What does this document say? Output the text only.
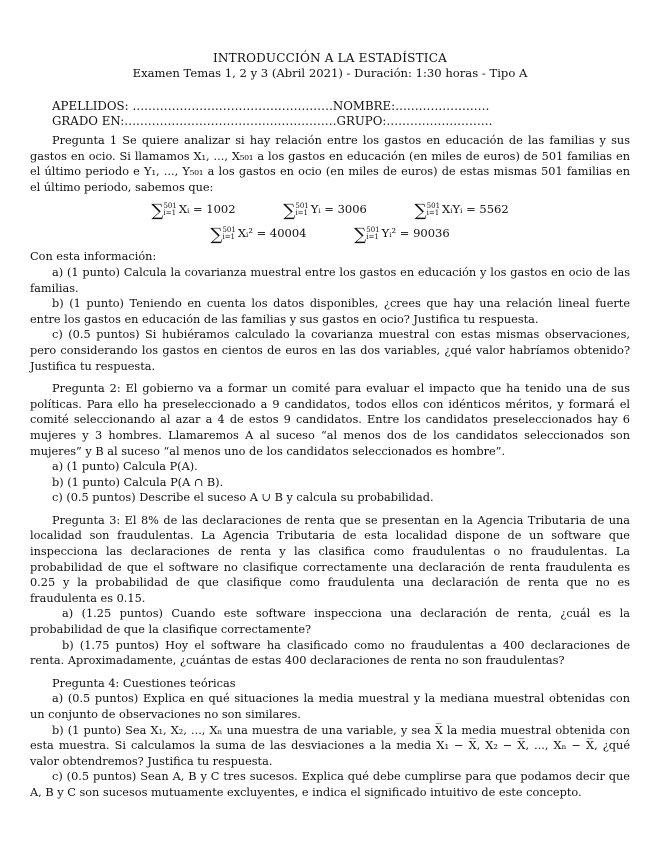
INTRODUCCIÓN A LA ESTADÍSTICA
Examen Temas 1, 2 y 3 (Abril 2021) - Duración: 1:30 horas - Tipo A
APELLIDOS: ……………………………………………NOMBRE:……………………
GRADO EN:………………………………………………GRUPO:………………………

Pregunta 1 Se quiere analizar si hay relación entre los gastos en educación de las familias y sus gastos en ocio. Si llamamos X₁, ..., X₅₀₁ a los gastos en educación (en miles de euros) de 501 familias en el último periodo e Y₁, ..., Y₅₀₁ a los gastos en ocio (en miles de euros) de estas mismas 501 familias en el último periodo, sabemos que:

∑501
i=1 Xᵢ = 1002	∑501
i=1 Yᵢ = 3006	∑501
i=1 XᵢYᵢ = 5562
∑501
i=1 Xᵢ² = 40004	∑501
i=1 Yᵢ² = 90036

Con esta información:

a) (1 punto) Calcula la covarianza muestral entre los gastos en educación y los gastos en ocio de las familias.

b) (1 punto) Teniendo en cuenta los datos disponibles, ¿crees que hay una relación lineal fuerte entre los gastos en educación de las familias y sus gastos en ocio? Justifica tu respuesta.

c) (0.5 puntos) Si hubiéramos calculado la covarianza muestral con estas mismas observaciones, pero considerando los gastos en cientos de euros en las dos variables, ¿qué valor habríamos obtenido? Justifica tu respuesta.

Pregunta 2: El gobierno va a formar un comité para evaluar el impacto que ha tenido una de sus políticas. Para ello ha preseleccionado a 9 candidatos, todos ellos con idénticos méritos, y formará el comité seleccionando al azar a 4 de estos 9 candidatos. Entre los candidatos preseleccionados hay 6 mujeres y 3 hombres. Llamaremos A al suceso “al menos dos de los candidatos seleccionados son mujeres” y B al suceso “al menos uno de los candidatos seleccionados es hombre”.

a) (1 punto) Calcula P(A).

b) (1 punto) Calcula P(A ∩ B).

c) (0.5 puntos) Describe el suceso A ∪ B y calcula su probabilidad.

Pregunta 3: El 8% de las declaraciones de renta que se presentan en la Agencia Tributaria de una localidad son fraudulentas. La Agencia Tributaria de esta localidad dispone de un software que inspecciona las declaraciones de renta y las clasifica como fraudulentas o no fraudulentas. La probabilidad de que el software no clasifique correctamente una declaración de renta fraudulenta es 0.25 y la probabilidad de que clasifique como fraudulenta una declaración de renta que no es fraudulenta es 0.15.

a) (1.25 puntos) Cuando este software inspecciona una declaración de renta, ¿cuál es la probabilidad de que la clasifique correctamente?

b) (1.75 puntos) Hoy el software ha clasificado como no fraudulentas a 400 declaraciones de renta. Aproximadamente, ¿cuántas de estas 400 declaraciones de renta no son fraudulentas?

Pregunta 4: Cuestiones teóricas

a) (0.5 puntos) Explica en qué situaciones la media muestral y la mediana muestral obtenidas con un conjunto de observaciones no son similares.

b) (1 punto) Sea X₁, X₂, ..., Xₙ una muestra de una variable, y sea X̅ la media muestral obtenida con esta muestra. Si calculamos la suma de las desviaciones a la media X₁ − X̅, X₂ − X̅, ..., Xₙ − X̅, ¿qué valor obtendremos? Justifica tu respuesta.

c) (0.5 puntos) Sean A, B y C tres sucesos. Explica qué debe cumplirse para que podamos decir que A, B y C son sucesos mutuamente excluyentes, e indica el significado intuitivo de este concepto.
